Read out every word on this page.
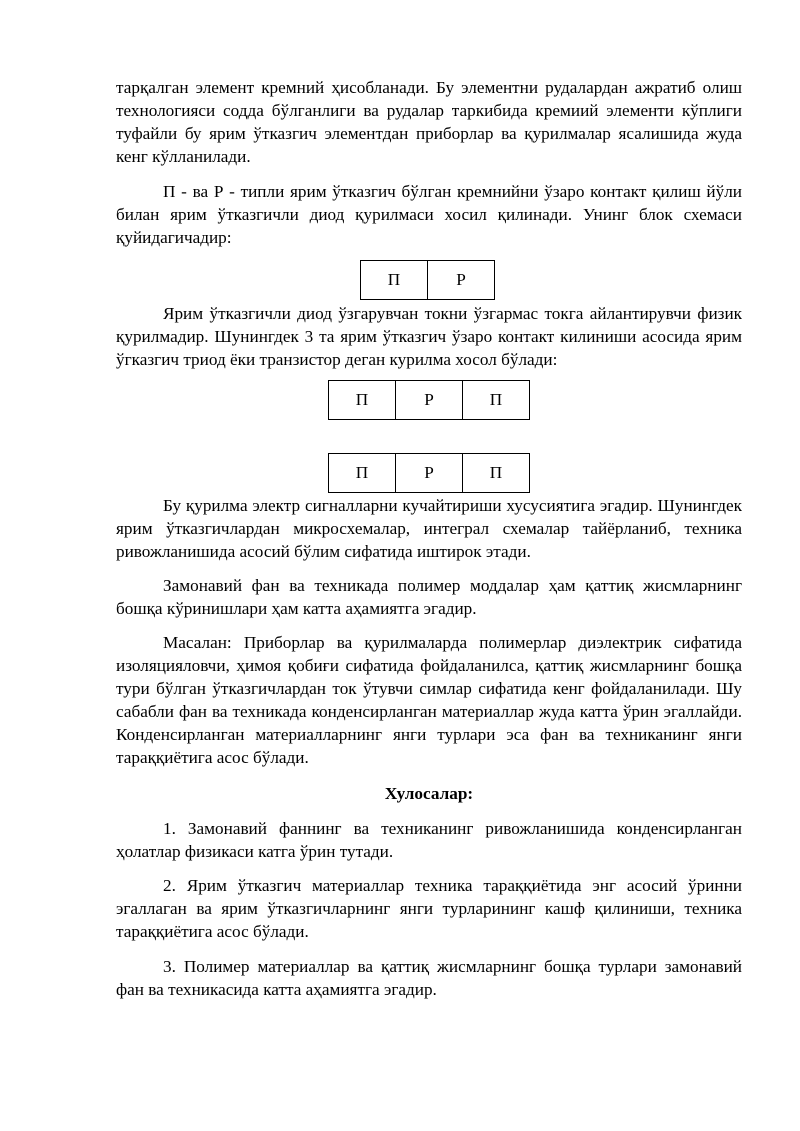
тарқалган элемент кремний ҳисобланади. Бу элементни рудалардан ажратиб олиш технологияси содда бўлганлиги ва рудалар таркибида кремиий элементи кўплиги туфайли бу ярим ўтказгич элементдан приборлар ва қурилмалар ясалишида жуда кенг кўлланилади.

П - ва Р - типли ярим ўтказгич бўлган кремнийни ўзаро контакт қилиш йўли билан ярим ўтказгичли диод қурилмаси хосил қилинади. Унинг блок схемаси қуйидагичадир:

П	Р

Ярим ўтказгичли диод ўзгарувчан токни ўзгармас токга айлантирувчи физик қурилмадир. Шунингдек 3 та ярим ўтказгич ўзаро контакт килиниши асосида ярим ўгказгич триод ёки транзистор деган курилма хосол бўлади:

П	Р	П
П	Р	П

Бу қурилма электр сигналларни кучайтириши хусусиятига эгадир. Шунингдек ярим ўтказгичлардан микросхемалар, интеграл схемалар тайёрланиб, техника ривожланишида асосий бўлим сифатида иштирок этади.

Замонавий фан ва техникада полимер моддалар ҳам қаттиқ жисмларнинг бошқа кўринишлари ҳам катта аҳамиятга эгадир.

Масалан: Приборлар ва қурилмаларда полимерлар диэлектрик сифатида изоляцияловчи, ҳимоя қобиғи сифатида фойдаланилса, қаттиқ жисмларнинг бошқа тури бўлган ўтказгичлардан ток ўтувчи симлар сифатида кенг фойдаланилади. Шу сабабли фан ва техникада конденсирланган материаллар жуда катта ўрин эгаллайди. Конденсирланган материалларнинг янги турлари эса фан ва техниканинг янги тараққиётига асос бўлади.

Хулосалар:

1. Замонавий фаннинг ва техниканинг ривожланишида конденсирланган ҳолатлар физикаси катга ўрин тутади.

2. Ярим ўтказгич материаллар техника тараққиётида энг асосий ўринни эгаллаган ва ярим ўтказгичларнинг янги турларининг кашф қилиниши, техника тараққиётига асос бўлади.

3. Полимер материаллар ва қаттиқ жисмларнинг бошқа турлари замонавий фан ва техникасида катта аҳамиятга эгадир.
